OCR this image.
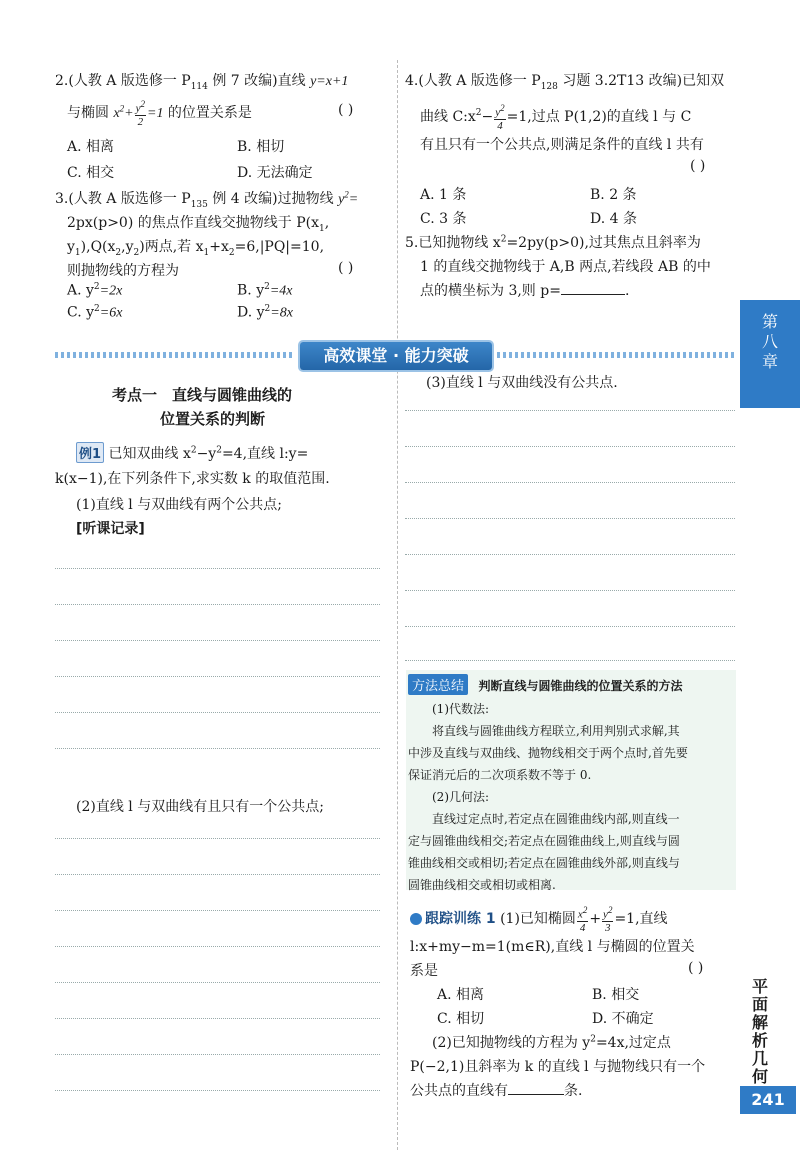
2.(人教 A 版选修一 $P_{114}$ 例 7 改编)直线 y=x+1
与椭圆 $x^2+ \frac{y^2}{2} =1$ 的位置关系是	( )
A. 相离	B. 相切
C. 相交	D. 无法确定
3.(人教 A 版选修一 $P_{135}$ 例 4 改编)过抛物线 $y^2=$
2px(p>0) 的焦点作直线交抛物线于 $P(x_1$,
$y_1),Q(x_2,y_2)$两点,若 $x_1+x_2=6,|PQ|=10$,
则抛物线的方程为	( )
A. $y^2=2x$	B. $y^2=4x$
C. $y^2=6x$	D. $y^2=8x$
4.(人教 A 版选修一 $P_{128}$ 习题 3.2T13 改编)已知双
曲线 $C:x^2- \frac{y^2}{4} =1$,过点 P(1,2)的直线 l 与 C
有且只有一个公共点,则满足条件的直线 l 共有
( )
A. 1 条	B. 2 条
C. 3 条	D. 4 条
5.已知抛物线 $x^2=2py(p>0)$,过其焦点且斜率为
1 的直线交抛物线于 A,B 两点,若线段 AB 的中
点的横坐标为 3,则 p=	.
第八章
高效课堂 · 能力突破
考点一　直线与圆锥曲线的
位置关系的判断
例1 已知双曲线 $x^2-y^2=4$,直线 l:y=
k(x−1),在下列条件下,求实数 k 的取值范围.
(1)直线 l 与双曲线有两个公共点;
[听课记录]
(2)直线 l 与双曲线有且只有一个公共点;
(3)直线 l 与双曲线没有公共点.
方法总结 判断直线与圆锥曲线的位置关系的方法
(1)代数法:
将直线与圆锥曲线方程联立,利用判别式求解,其
中涉及直线与双曲线、抛物线相交于两个点时,首先要
保证消元后的二次项系数不等于 0.
(2)几何法:
直线过定点时,若定点在圆锥曲线内部,则直线一
定与圆锥曲线相交;若定点在圆锥曲线上,则直线与圆
锥曲线相交或相切;若定点在圆锥曲线外部,则直线与
圆锥曲线相交或相切或相离.
跟踪训练 1 (1)已知椭圆 $\frac{x^2}{4} + \frac{y^2}{3} =1$,直线
l:x+my−m=1(m∈R),直线 l 与椭圆的位置关
系是	( )
A. 相离	B. 相交
C. 相切	D. 不确定
(2)已知抛物线的方程为 $y^2=4x$,过定点
P(−2,1)且斜率为 k 的直线 l 与抛物线只有一个
公共点的直线有	条.
平面解析几何
241
